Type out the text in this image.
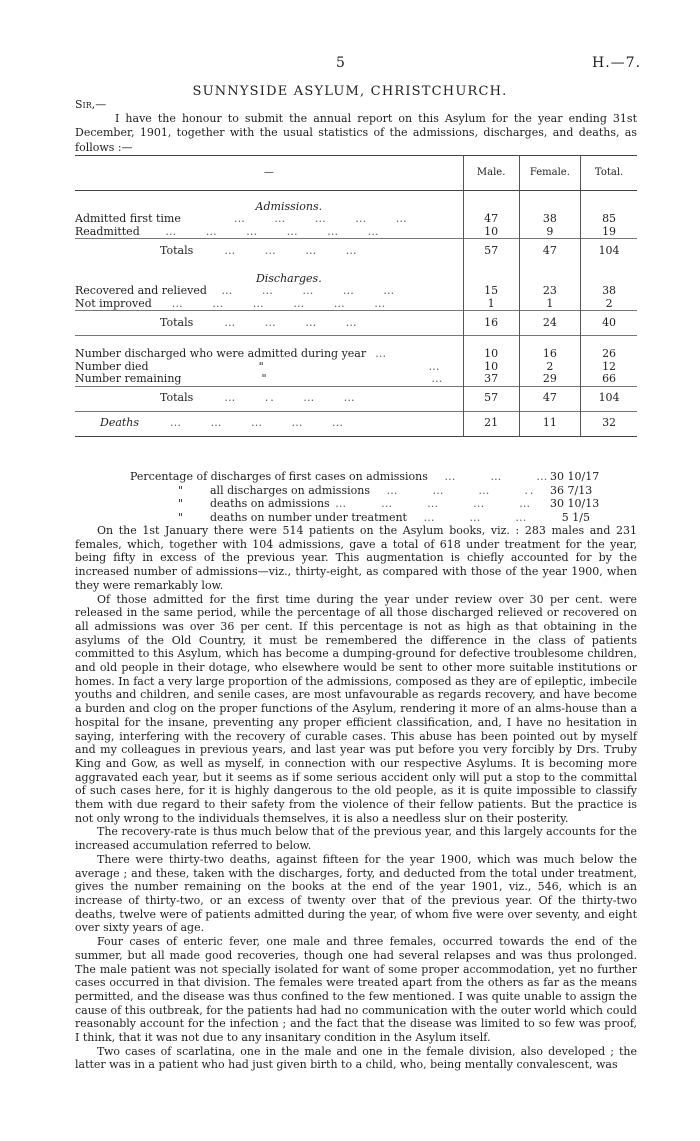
5	H.—7.
SUNNYSIDE ASYLUM, CHRISTCHURCH.
Sir,—

I have the honour to submit the annual report on this Asylum for the year ending 31st December, 1901, together with the usual statistics of the admissions, discharges, and deaths, as follows :—

—	Male.	Female.	Total.
Admissions.			
Admitted first time          …     …     …     …     …	47	38	85
Readmitted     …     …     …     …     …     …	10	9	19
Totals      …     …     …     …	57	47	104
Discharges.			
Recovered and relieved   …     …     …     …     …	15	23	38
Not improved    …     …     …     …     …     …	1	1	2
Totals      …     …     …     …	16	24	40

Number discharged who were admitted during year  …	10	16	26
Number died "                              …	10	2	12
Number remaining "                              …	37	29	66
Totals      …     ..     …     …	57	47	104
Deaths      …     …     …     …     …	21	11	32
Percentage of discharges of first cases on admissions   …      …      … 30 10/17
" all discharges on admissions   …      …      …      ..	36 7/13
" deaths on admissions …      …      …      …      …	30 10/13
" deaths on number under treatment   …      …      …	5 1/5

On the 1st January there were 514 patients on the Asylum books, viz. : 283 males and 231 females, which, together with 104 admissions, gave a total of 618 under treatment for the year, being fifty in excess of the previous year. This augmentation is chiefly accounted for by the increased number of admissions—viz., thirty-eight, as compared with those of the year 1900, when they were remarkably low.

Of those admitted for the first time during the year under review over 30 per cent. were released in the same period, while the percentage of all those discharged relieved or recovered on all admissions was over 36 per cent. If this percentage is not as high as that obtaining in the asylums of the Old Country, it must be remembered the difference in the class of patients committed to this Asylum, which has become a dumping-ground for defective troublesome children, and old people in their dotage, who elsewhere would be sent to other more suitable institutions or homes. In fact a very large proportion of the admissions, composed as they are of epileptic, imbecile youths and children, and senile cases, are most unfavourable as regards recovery, and have become a burden and clog on the proper functions of the Asylum, rendering it more of an alms-house than a hospital for the insane, preventing any proper efficient classification, and, I have no hesitation in saying, interfering with the recovery of curable cases. This abuse has been pointed out by myself and my colleagues in previous years, and last year was put before you very forcibly by Drs. Truby King and Gow, as well as myself, in connection with our respective Asylums. It is becoming more aggravated each year, but it seems as if some serious accident only will put a stop to the committal of such cases here, for it is highly dangerous to the old people, as it is quite impossible to classify them with due regard to their safety from the violence of their fellow patients. But the practice is not only wrong to the individuals themselves, it is also a needless slur on their posterity.

The recovery-rate is thus much below that of the previous year, and this largely accounts for the increased accumulation referred to below.

There were thirty-two deaths, against fifteen for the year 1900, which was much below the average ; and these, taken with the discharges, forty, and deducted from the total under treatment, gives the number remaining on the books at the end of the year 1901, viz., 546, which is an increase of thirty-two, or an excess of twenty over that of the previous year. Of the thirty-two deaths, twelve were of patients admitted during the year, of whom five were over seventy, and eight over sixty years of age.

Four cases of enteric fever, one male and three females, occurred towards the end of the summer, but all made good recoveries, though one had several relapses and was thus prolonged. The male patient was not specially isolated for want of some proper accommodation, yet no further cases occurred in that division. The females were treated apart from the others as far as the means permitted, and the disease was thus confined to the few mentioned. I was quite unable to assign the cause of this outbreak, for the patients had had no communication with the outer world which could reasonably account for the infection ; and the fact that the disease was limited to so few was proof, I think, that it was not due to any insanitary condition in the Asylum itself.

Two cases of scarlatina, one in the male and one in the female division, also developed ; the latter was in a patient who had just given birth to a child, who, being mentally convalescent, was
